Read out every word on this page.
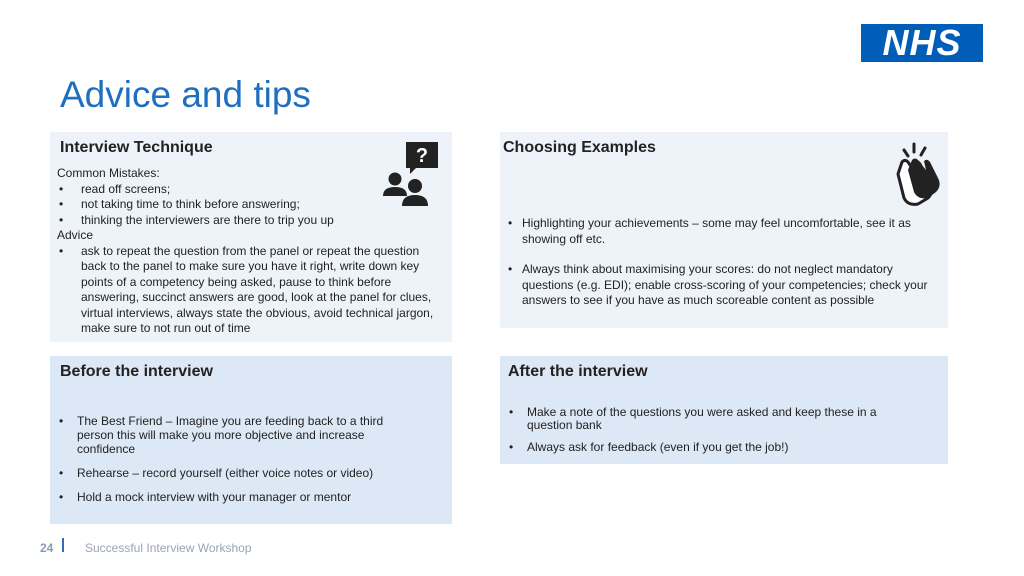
NHS
Advice and tips
Interview Technique	?
Common Mistakes:
• read off screens;
• not taking time to think before answering;
• thinking the interviewers are there to trip you up
Advice
• ask to repeat the question from the panel or repeat the question back to the panel to make sure you have it right, write down key points of a competency being asked, pause to think before answering, succinct answers are good, look at the panel for clues, virtual interviews, always state the obvious, avoid technical jargon, make sure to not run out of time
Choosing Examples
• Highlighting your achievements – some may feel uncomfortable, see it as showing off etc.
• Always think about maximising your scores: do not neglect mandatory questions (e.g. EDI); enable cross-scoring of your competencies; check your answers to see if you have as much scoreable content as possible
Before the interview
• The Best Friend – Imagine you are feeding back to a third person this will make you more objective and increase confidence
• Rehearse – record yourself (either voice notes or video)
• Hold a mock interview with your manager or mentor
After the interview
• Make a note of the questions you were asked and keep these in a question bank
• Always ask for feedback (even if you get the job!)
24	Successful Interview Workshop
